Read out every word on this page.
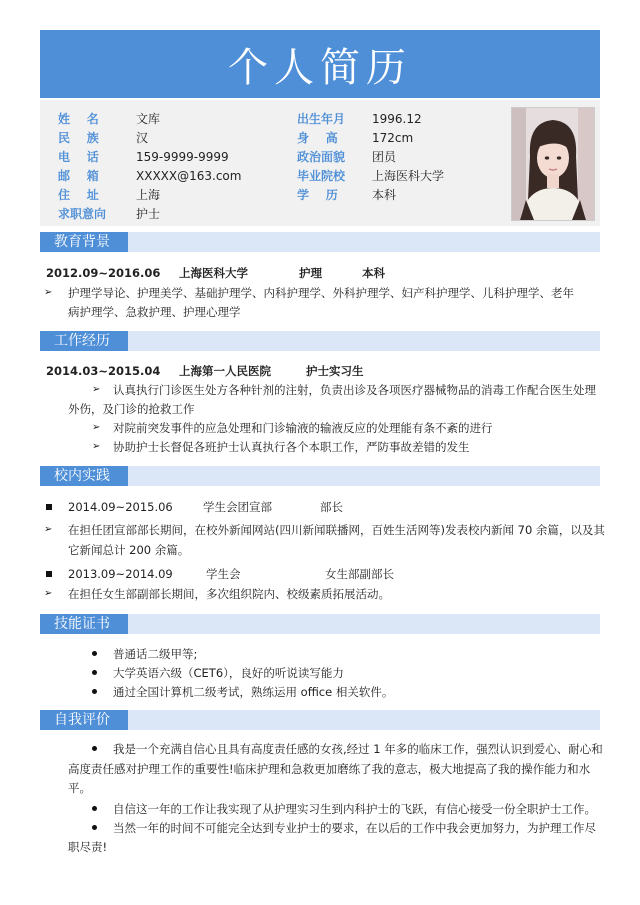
个人简历
姓    名	文库	出生年月	1996.12
民    族	汉	身    高	172cm
电    话	159-9999-9999	政治面貌	团员
邮    箱	XXXXX@163.com	毕业院校	上海医科大学
住    址	上海	学    历	本科
求职意向	护士
教育背景
2012.09~2016.06 上海医科大学	护理	本科
➢ 护理学导论、护理美学、基础护理学、内科护理学、外科护理学、妇产科护理学、儿科护理学、老年
病护理学、急救护理、护理心理学
工作经历
2014.03~2015.04 上海第一人民医院	护士实习生
➢ 认真执行门诊医生处方各种针剂的注射，负责出诊及各项医疗器械物品的消毒工作配合医生处理
外伤，及门诊的抢救工作
➢ 对院前突发事件的应急处理和门诊输液的输液反应的处理能有条不紊的进行
➢ 协助护士长督促各班护士认真执行各个本职工作，严防事故差错的发生
校内实践
2014.09~2015.06	学生会团宣部	部长
➢ 在担任团宣部部长期间，在校外新闻网站(四川新闻联播网，百姓生活网等)发表校内新闻 70 余篇，以及其
它新闻总计 200 余篇。
2013.09~2014.09	学生会	女生部副部长
➢ 在担任女生部副部长期间，多次组织院内、校级素质拓展活动。
技能证书
普通话二级甲等;
大学英语六级（CET6），良好的听说读写能力
通过全国计算机二级考试，熟练运用 office 相关软件。
自我评价
我是一个充满自信心且具有高度责任感的女孩,经过 1 年多的临床工作，强烈认识到爱心、耐心和
高度责任感对护理工作的重要性!临床护理和急救更加磨练了我的意志，极大地提高了我的操作能力和水
平。
自信这一年的工作让我实现了从护理实习生到内科护士的飞跃，有信心接受一份全职护士工作。
当然一年的时间不可能完全达到专业护士的要求，在以后的工作中我会更加努力，为护理工作尽
职尽责!
